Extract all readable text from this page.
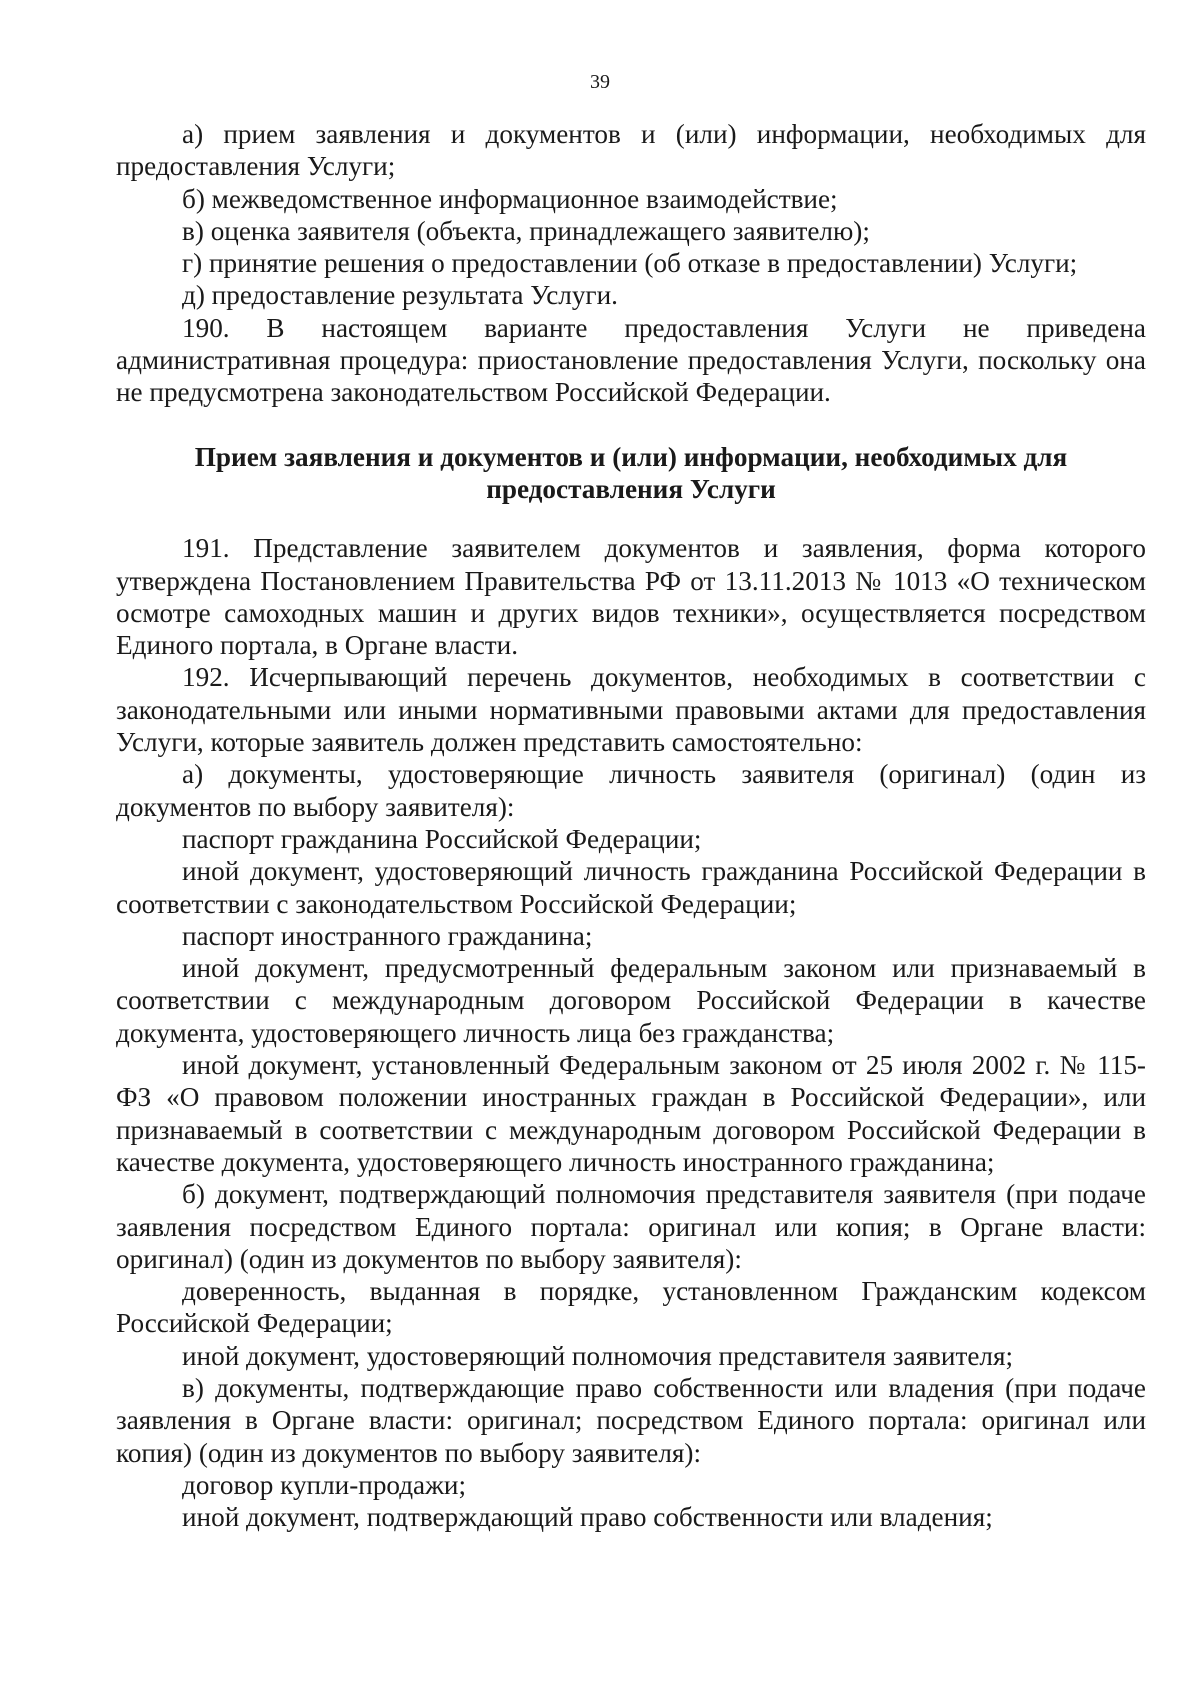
39

а) прием заявления и документов и (или) информации, необходимых для предоставления Услуги;

б) межведомственное информационное взаимодействие;

в) оценка заявителя (объекта, принадлежащего заявителю);

г) принятие решения о предоставлении (об отказе в предоставлении) Услуги;

д) предоставление результата Услуги.

190. В настоящем варианте предоставления Услуги не приведена административная процедура: приостановление предоставления Услуги, поскольку она не предусмотрена законодательством Российской Федерации.

Прием заявления и документов и (или) информации, необходимых для
предоставления Услуги

191. Представление заявителем документов и заявления, форма которого утверждена Постановлением Правительства РФ от 13.11.2013 № 1013 «О техническом осмотре самоходных машин и других видов техники», осуществляется посредством Единого портала, в Органе власти.

192. Исчерпывающий перечень документов, необходимых в соответствии с законодательными или иными нормативными правовыми актами для предоставления Услуги, которые заявитель должен представить самостоятельно:

а) документы, удостоверяющие личность заявителя (оригинал) (один из документов по выбору заявителя):

паспорт гражданина Российской Федерации;

иной документ, удостоверяющий личность гражданина Российской Федерации в соответствии с законодательством Российской Федерации;

паспорт иностранного гражданина;

иной документ, предусмотренный федеральным законом или признаваемый в соответствии с международным договором Российской Федерации в качестве документа, удостоверяющего личность лица без гражданства;

иной документ, установленный Федеральным законом от 25 июля 2002 г. № 115-ФЗ «О правовом положении иностранных граждан в Российской Федерации», или признаваемый в соответствии с международным договором Российской Федерации в качестве документа, удостоверяющего личность иностранного гражданина;

б) документ, подтверждающий полномочия представителя заявителя (при подаче заявления посредством Единого портала: оригинал или копия; в Органе власти: оригинал) (один из документов по выбору заявителя):

доверенность, выданная в порядке, установленном Гражданским кодексом Российской Федерации;

иной документ, удостоверяющий полномочия представителя заявителя;

в) документы, подтверждающие право собственности или владения (при подаче заявления в Органе власти: оригинал; посредством Единого портала: оригинал или копия) (один из документов по выбору заявителя):

договор купли-продажи;

иной документ, подтверждающий право собственности или владения;
